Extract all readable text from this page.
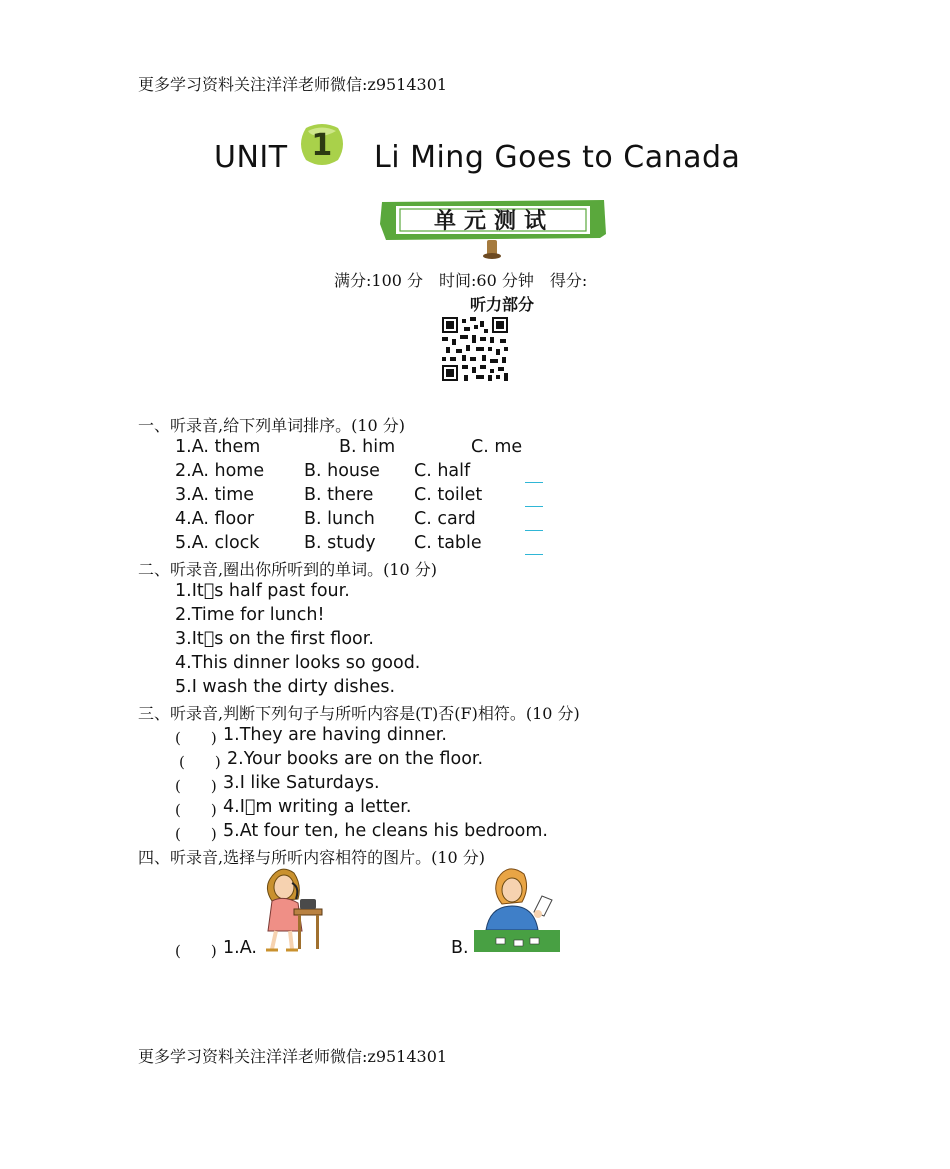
更多学习资料关注洋洋老师微信:z9514301
UNIT 1 Li Ming Goes to Canada
单元测试
满分:100 分　时间:60 分钟　得分:
听力部分
一、听录音,给下列单词排序。(10 分)
1.A. them	B. him	C. me
2.A. home B. house C. half
3.A. time	B. there C. toilet
4.A. floor	B. lunch C. card
5.A. clock	B. study C. table
二、听录音,圈出你所听到的单词。(10 分)
1.It s half past four.
2.Time for lunch!
3.It s on the first floor.
4.This dinner looks so good.
5.I wash the dirty dishes.
三、听录音,判断下列句子与所听内容是(T)否(F)相符。(10 分)
(　　) 1.They are having dinner.
(　　) 2.Your books are on the floor.
(　　) 3.I like Saturdays.
(　　) 4.I m writing a letter.
(　　) 5.At four ten, he cleans his bedroom.
四、听录音,选择与所听内容相符的图片。(10 分)
(　　) 1.A.	B.
更多学习资料关注洋洋老师微信:z9514301
